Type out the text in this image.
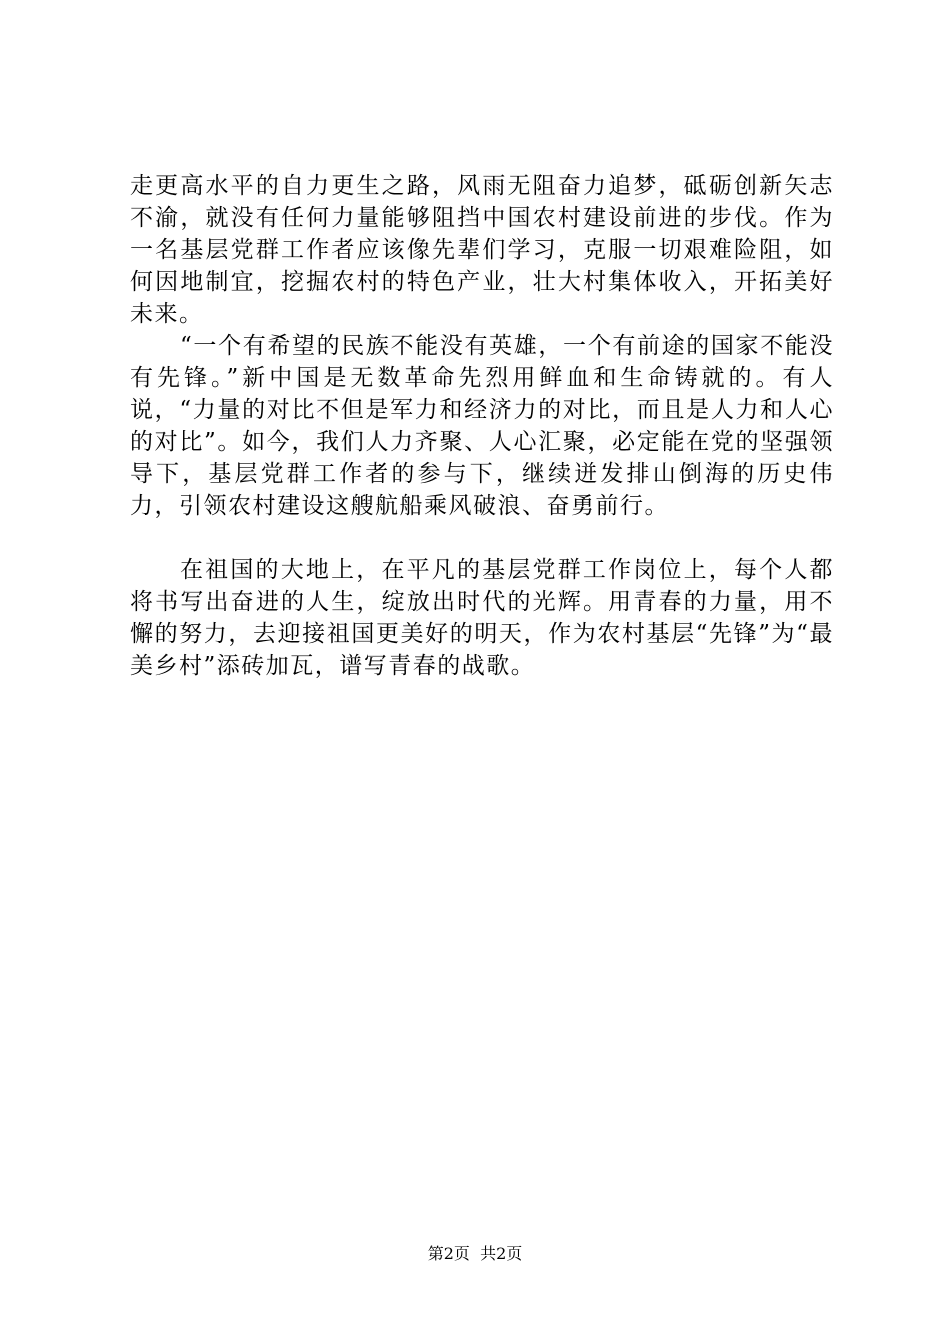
走更高水平的自力更生之路，风雨无阻奋力追梦，砥砺创新矢志不渝，就没有任何力量能够阻挡中国农村建设前进的步伐。作为一名基层党群工作者应该像先辈们学习，克服一切艰难险阻，如何因地制宜，挖掘农村的特色产业，壮大村集体收入，开拓美好未来。

“一个有希望的民族不能没有英雄，一个有前途的国家不能没有先锋。”新中国是无数革命先烈用鲜血和生命铸就的。有人说，“力量的对比不但是军力和经济力的对比，而且是人力和人心的对比”。如今，我们人力齐聚、人心汇聚，必定能在党的坚强领导下，基层党群工作者的参与下，继续迸发排山倒海的历史伟力，引领农村建设这艘航船乘风破浪、奋勇前行。

在祖国的大地上，在平凡的基层党群工作岗位上，每个人都将书写出奋进的人生，绽放出时代的光辉。用青春的力量，用不懈的努力，去迎接祖国更美好的明天，作为农村基层“先锋”为“最美乡村”添砖加瓦，谱写青春的战歌。

第2页  共2页
